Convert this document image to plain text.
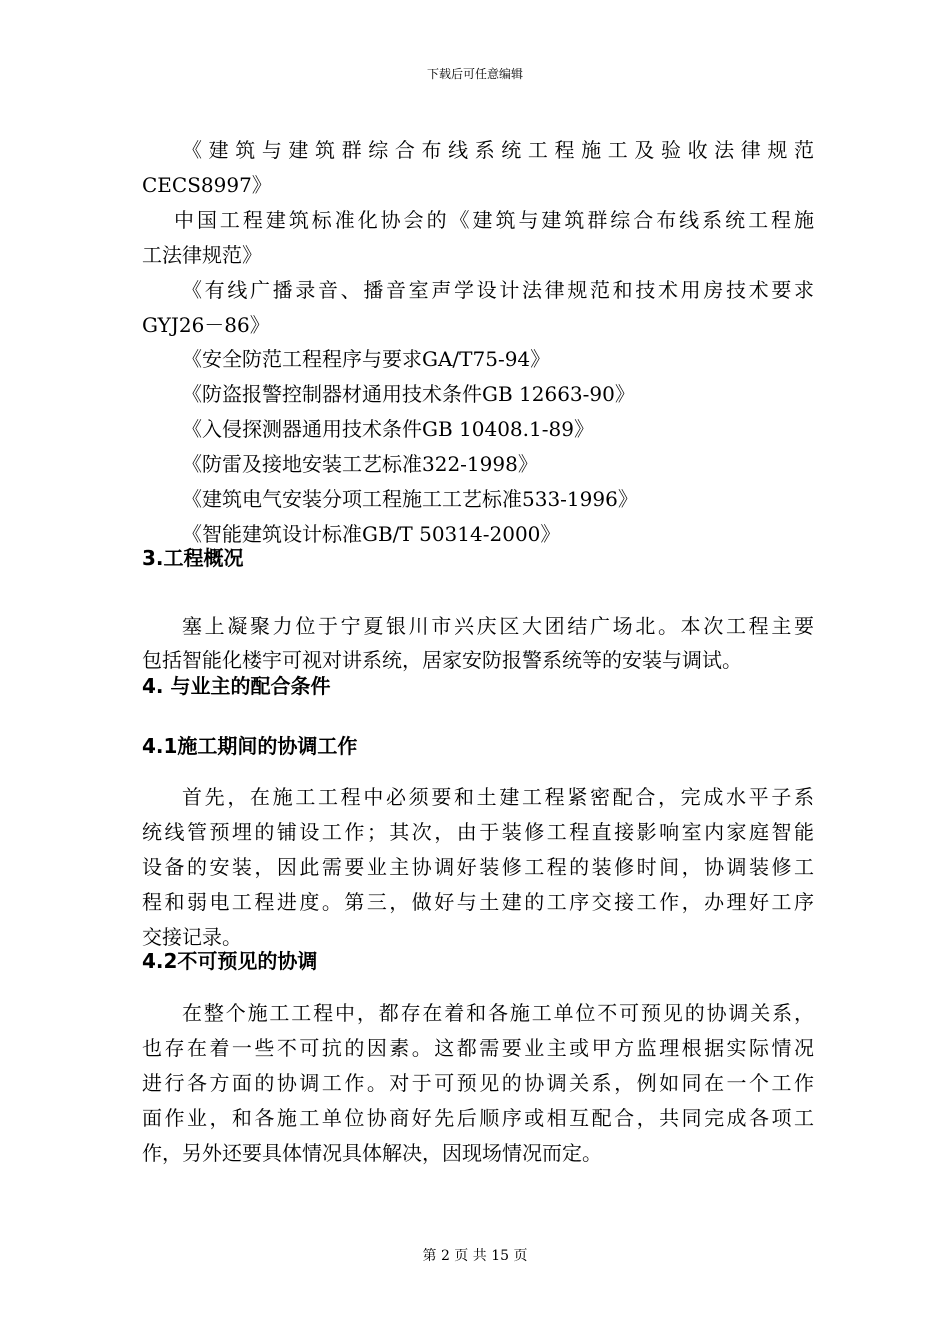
下载后可任意编辑
《建筑与建筑群综合布线系统工程施工及验收法律规范
CECS8997》
中国工程建筑标准化协会的《建筑与建筑群综合布线系统工程施
工法律规范》
《有线广播录音、播音室声学设计法律规范和技术用房技术要求
GYJ26－86》
《安全防范工程程序与要求GA/T75-94》
《防盗报警控制器材通用技术条件GB 12663-90》
《入侵探测器通用技术条件GB 10408.1-89》
《防雷及接地安装工艺标准322-1998》
《建筑电气安装分项工程施工工艺标准533-1996》
《智能建筑设计标准GB/T 50314-2000》
3.工程概况
塞上凝聚力位于宁夏银川市兴庆区大团结广场北。本次工程主要
包括智能化楼宇可视对讲系统，居家安防报警系统等的安装与调试。
4. 与业主的配合条件
4.1施工期间的协调工作
首先，在施工工程中必须要和土建工程紧密配合，完成水平子系
统线管预埋的铺设工作；其次，由于装修工程直接影响室内家庭智能
设备的安装，因此需要业主协调好装修工程的装修时间，协调装修工
程和弱电工程进度。第三，做好与土建的工序交接工作，办理好工序
交接记录。
4.2不可预见的协调
在整个施工工程中，都存在着和各施工单位不可预见的协调关系，
也存在着一些不可抗的因素。这都需要业主或甲方监理根据实际情况
进行各方面的协调工作。对于可预见的协调关系，例如同在一个工作
面作业，和各施工单位协商好先后顺序或相互配合，共同完成各项工
作，另外还要具体情况具体解决，因现场情况而定。
第 2 页 共 15 页
